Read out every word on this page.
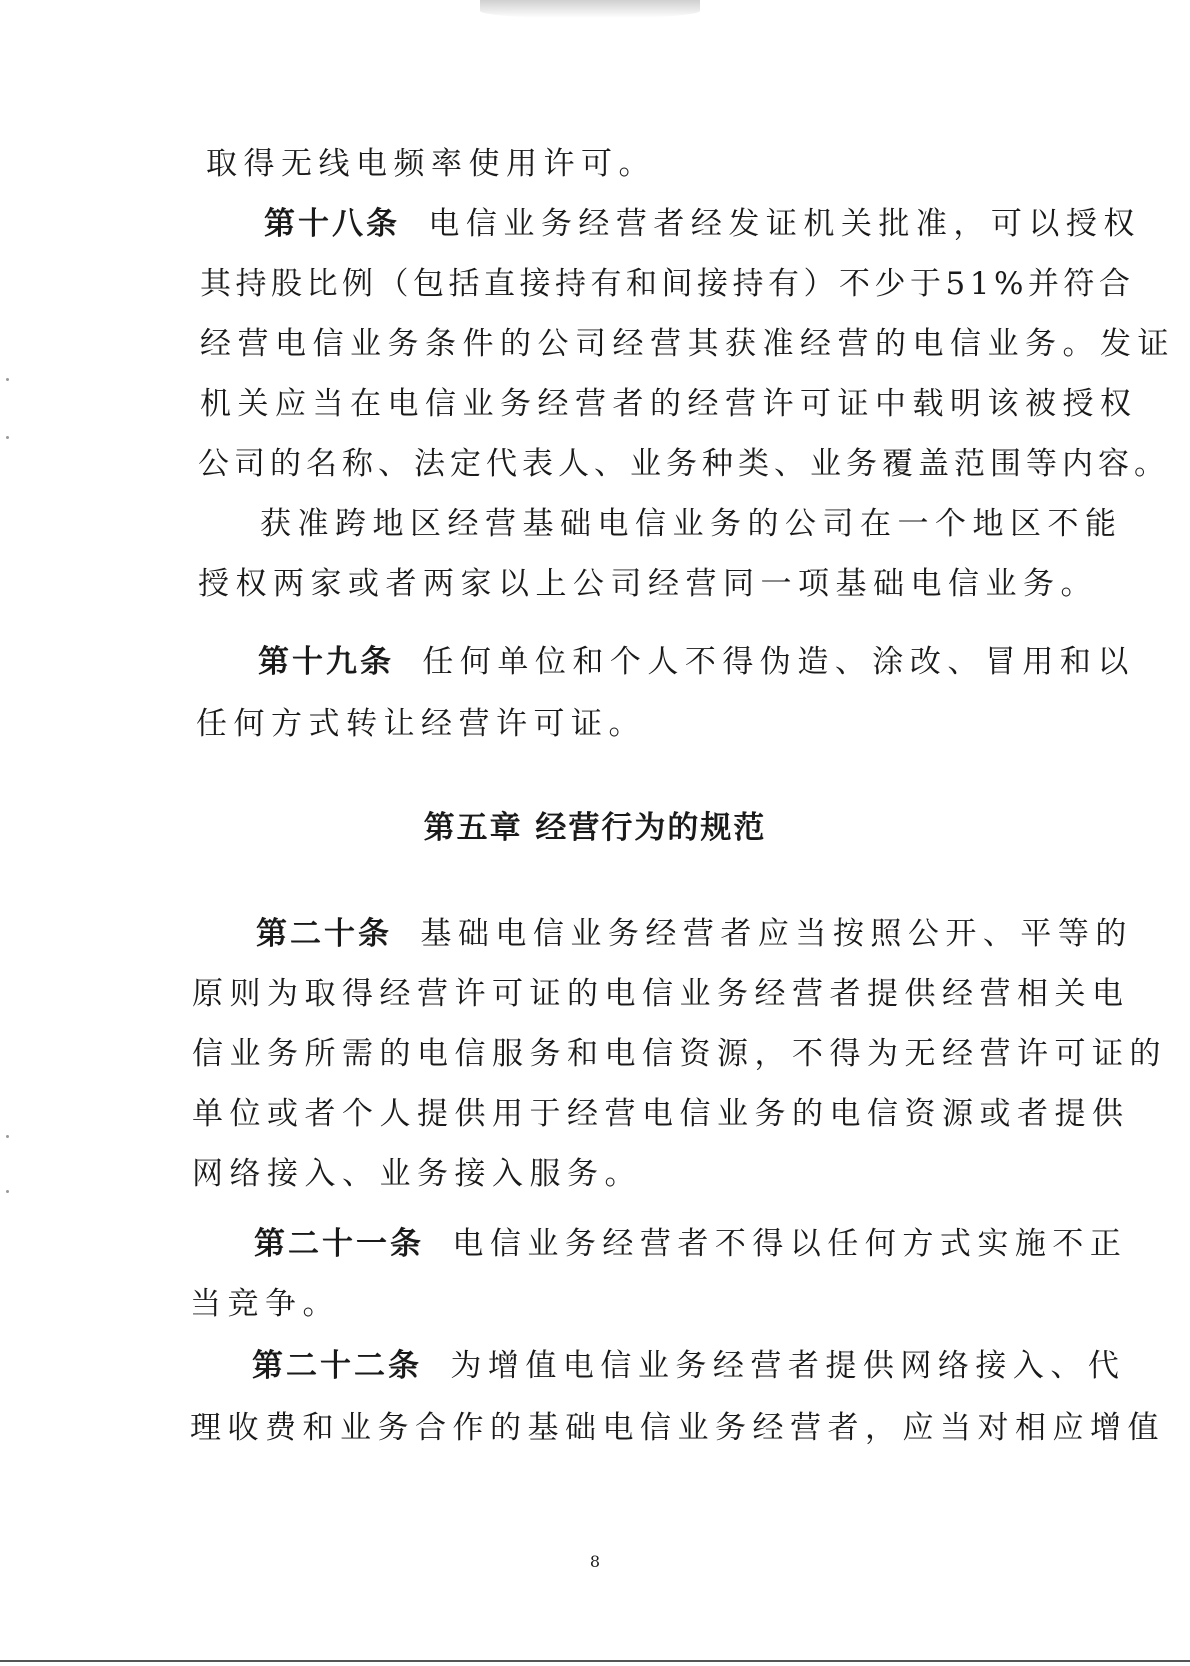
取得无线电频率使用许可。
第十八条 电信业务经营者经发证机关批准，可以授权
其持股比例（包括直接持有和间接持有）不少于51%并符合
经营电信业务条件的公司经营其获准经营的电信业务。发证
机关应当在电信业务经营者的经营许可证中载明该被授权
公司的名称、法定代表人、业务种类、业务覆盖范围等内容。
获准跨地区经营基础电信业务的公司在一个地区不能
授权两家或者两家以上公司经营同一项基础电信业务。
第十九条 任何单位和个人不得伪造、涂改、冒用和以
任何方式转让经营许可证。
第五章 经营行为的规范
第二十条 基础电信业务经营者应当按照公开、平等的
原则为取得经营许可证的电信业务经营者提供经营相关电
信业务所需的电信服务和电信资源，不得为无经营许可证的
单位或者个人提供用于经营电信业务的电信资源或者提供
网络接入、业务接入服务。
第二十一条 电信业务经营者不得以任何方式实施不正
当竞争。
第二十二条 为增值电信业务经营者提供网络接入、代
理收费和业务合作的基础电信业务经营者，应当对相应增值
8
